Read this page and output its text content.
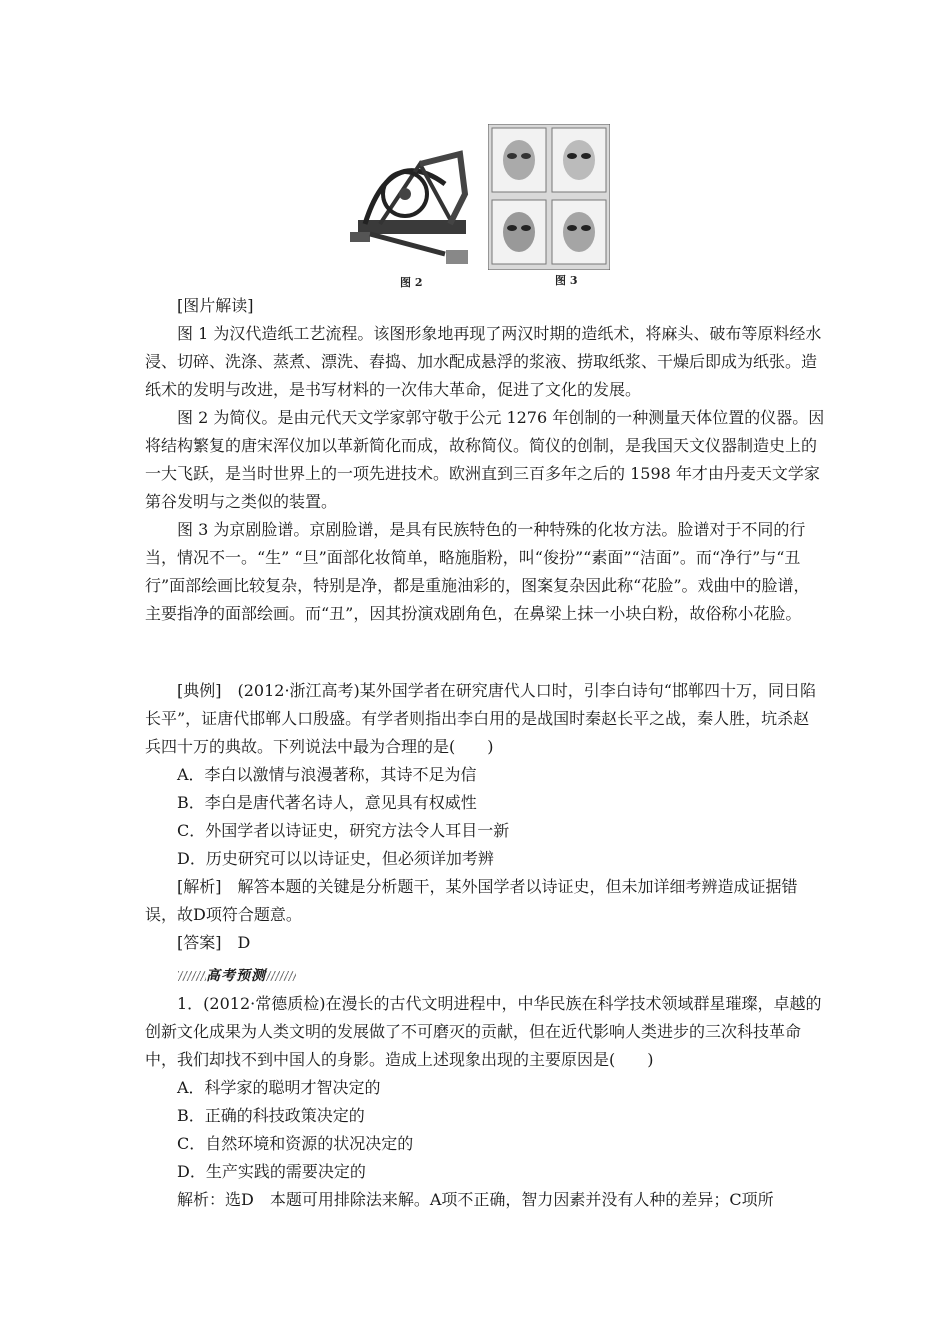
图 2	图 3

[图片解读]

图 1 为汉代造纸工艺流程。该图形象地再现了两汉时期的造纸术，将麻头、破布等原料经水浸、切碎、洗涤、蒸煮、漂洗、舂捣、加水配成悬浮的浆液、捞取纸浆、干燥后即成为纸张。造纸术的发明与改进，是书写材料的一次伟大革命，促进了文化的发展。

图 2 为简仪。是由元代天文学家郭守敬于公元 1276 年创制的一种测量天体位置的仪器。因将结构繁复的唐宋浑仪加以革新简化而成，故称简仪。简仪的创制，是我国天文仪器制造史上的一大飞跃，是当时世界上的一项先进技术。欧洲直到三百多年之后的 1598 年才由丹麦天文学家第谷发明与之类似的装置。

图 3 为京剧脸谱。京剧脸谱，是具有民族特色的一种特殊的化妆方法。脸谱对于不同的行当，情况不一。“生” “旦”面部化妆简单，略施脂粉，叫“俊扮”“素面”“洁面”。而“净行”与“丑行”面部绘画比较复杂，特别是净，都是重施油彩的，图案复杂因此称“花脸”。戏曲中的脸谱，主要指净的面部绘画。而“丑”，因其扮演戏剧角色，在鼻梁上抹一小块白粉，故俗称小花脸。

[典例]　(2012·浙江高考)某外国学者在研究唐代人口时，引李白诗句“邯郸四十万，同日陷长平”，证唐代邯郸人口殷盛。有学者则指出李白用的是战国时秦赵长平之战，秦人胜，坑杀赵兵四十万的典故。下列说法中最为合理的是(　　)

A．李白以激情与浪漫著称，其诗不足为信

B．李白是唐代著名诗人，意见具有权威性

C．外国学者以诗证史，研究方法令人耳目一新

D．历史研究可以以诗证史，但必须详加考辨

[解析]　解答本题的关键是分析题干，某外国学者以诗证史，但未加详细考辨造成证据错误，故D项符合题意。

[答案]　D

高考预测

1．(2012·常德质检)在漫长的古代文明进程中，中华民族在科学技术领域群星璀璨，卓越的创新文化成果为人类文明的发展做了不可磨灭的贡献，但在近代影响人类进步的三次科技革命中，我们却找不到中国人的身影。造成上述现象出现的主要原因是(　　)

A．科学家的聪明才智决定的

B．正确的科技政策决定的

C．自然环境和资源的状况决定的

D．生产实践的需要决定的

解析：选D　本题可用排除法来解。A项不正确，智力因素并没有人种的差异；C项所
